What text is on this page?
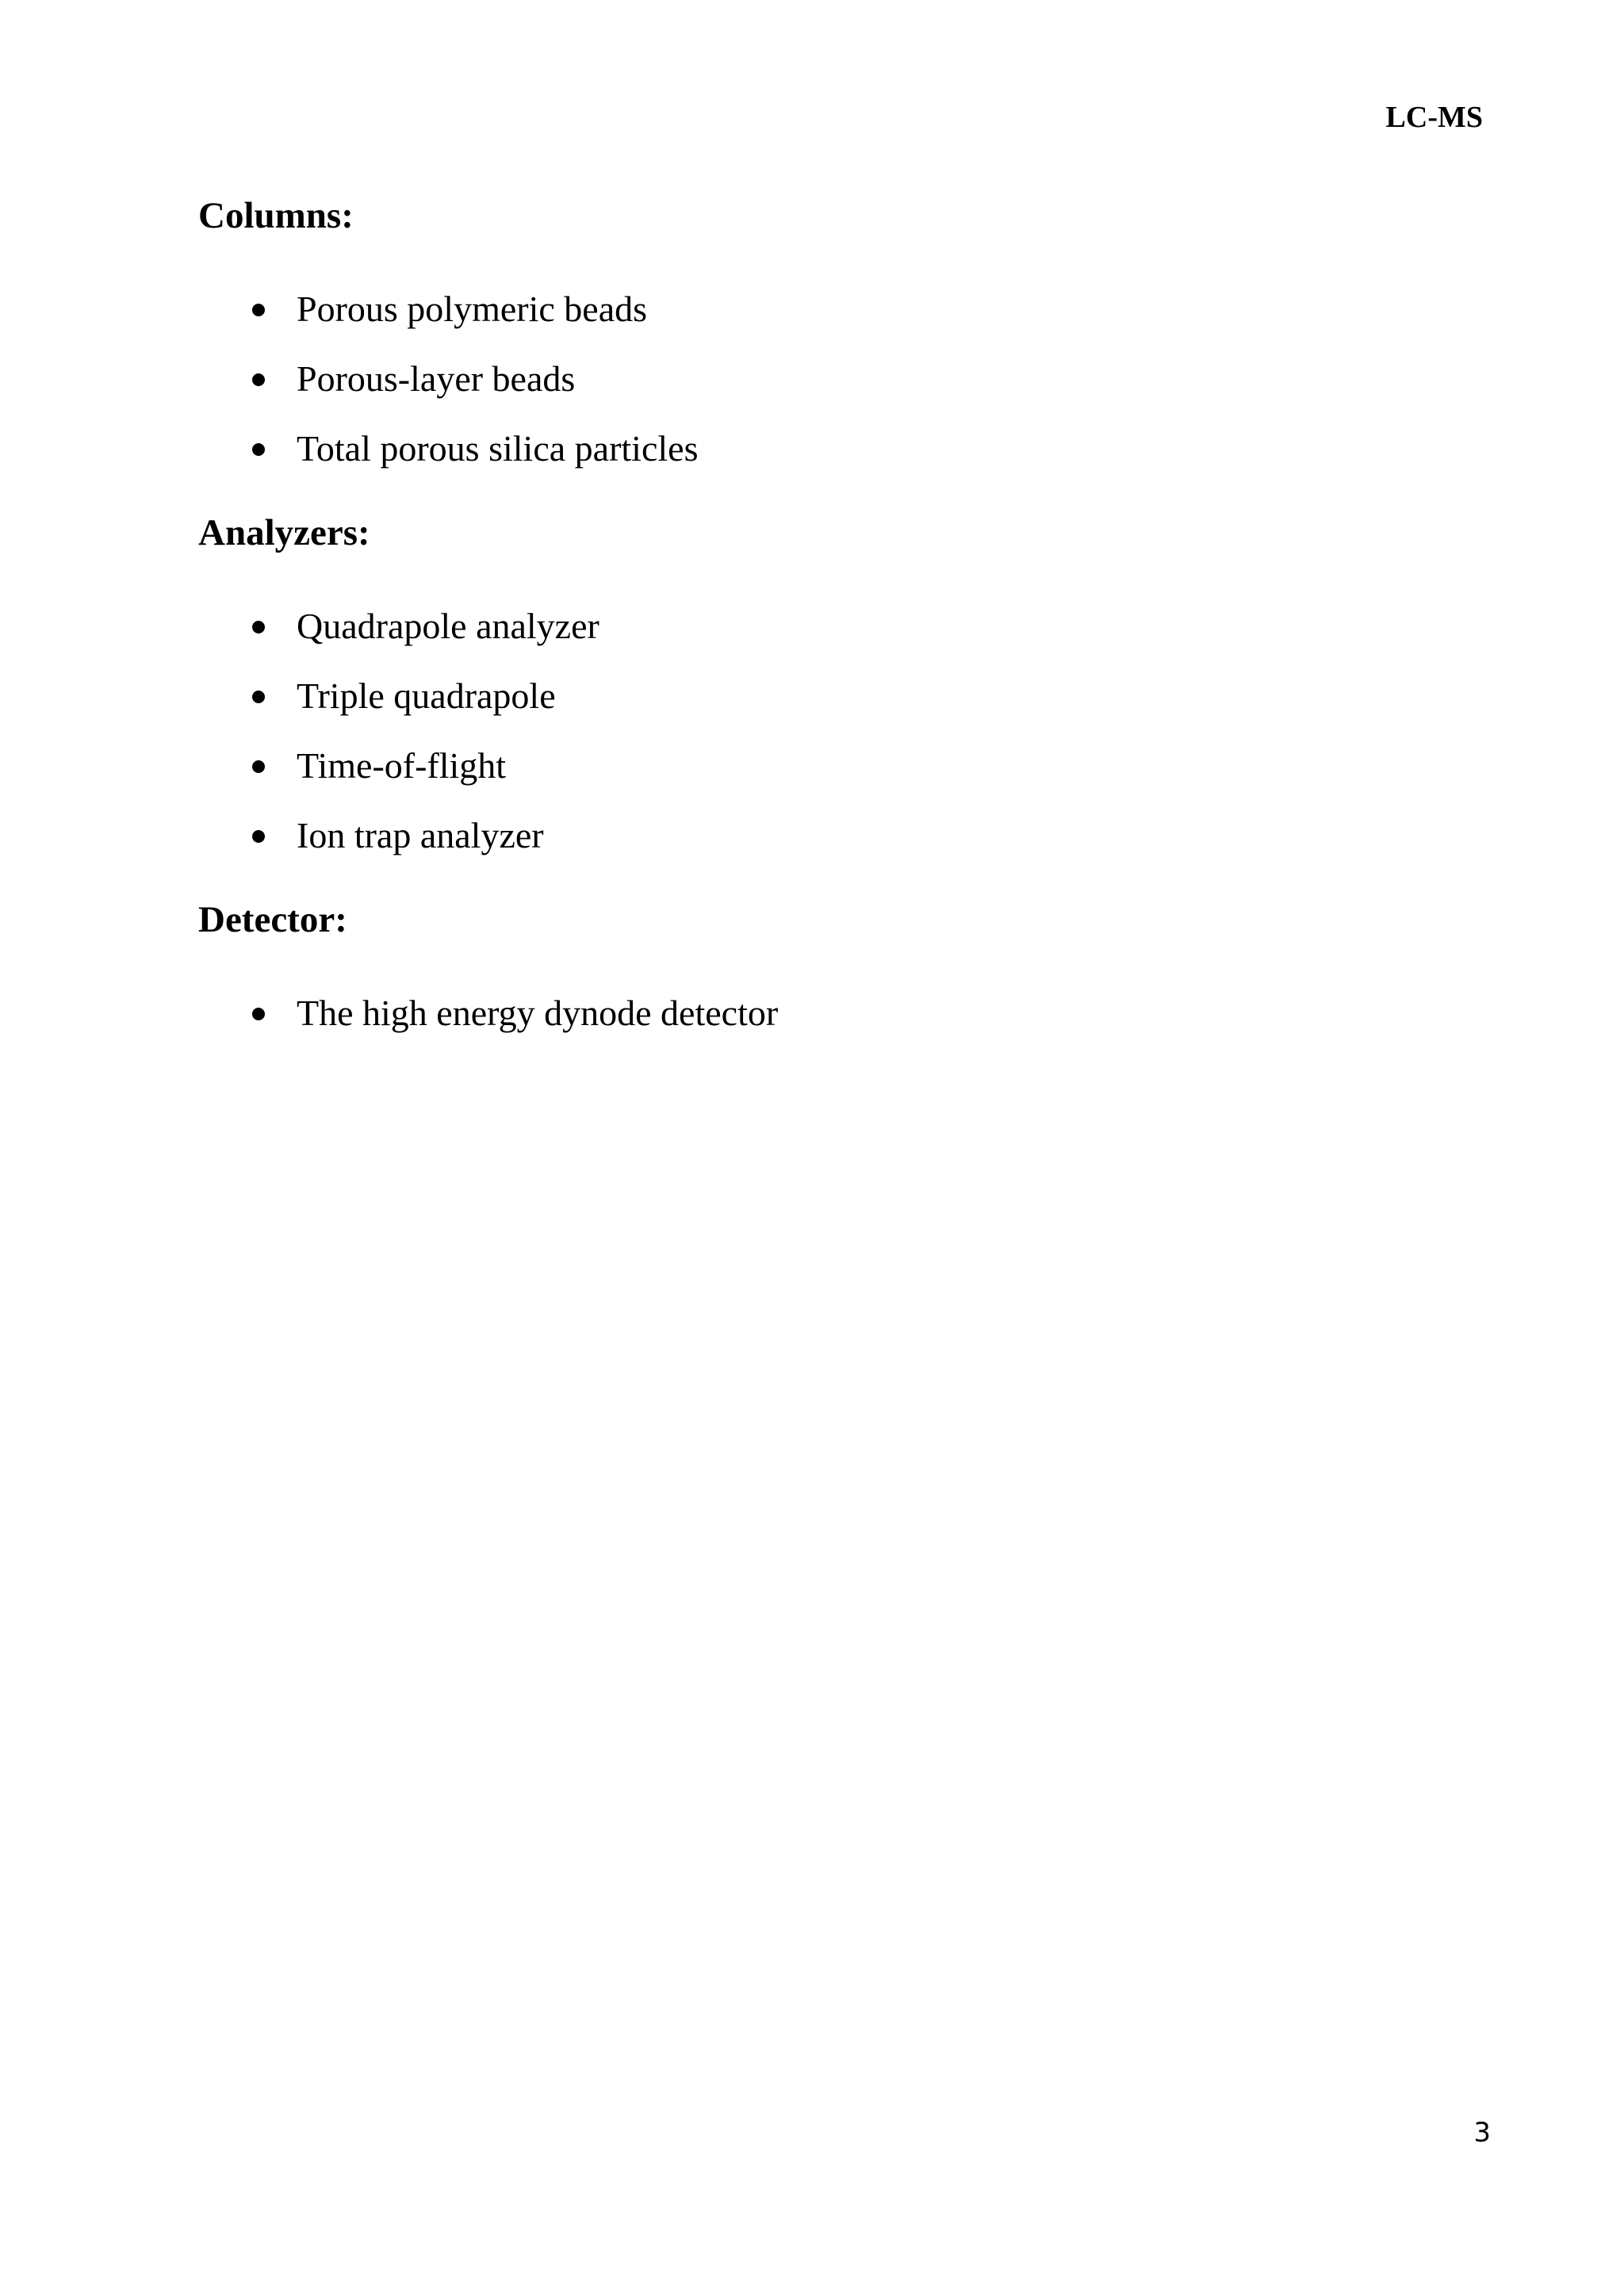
LC-MS
Columns:
Porous polymeric beads
Porous-layer beads
Total porous silica particles
Analyzers:
Quadrapole analyzer
Triple quadrapole
Time-of-flight
Ion trap analyzer
Detector:
The high energy dynode detector
3
